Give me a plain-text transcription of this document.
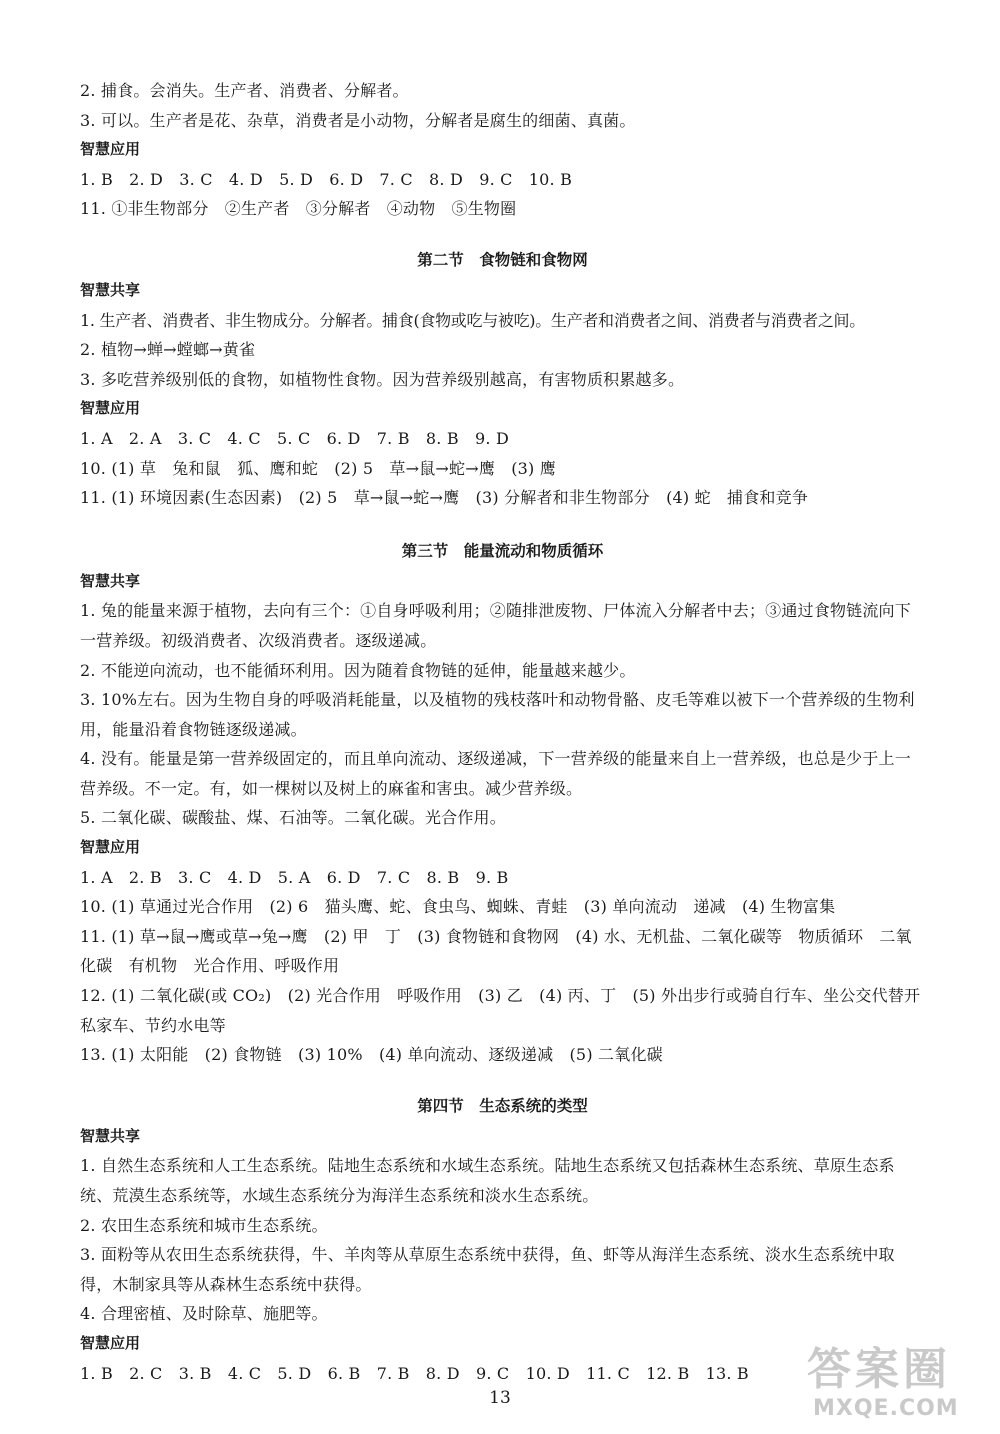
2. 捕食。会消失。生产者、消费者、分解者。
3. 可以。生产者是花、杂草，消费者是小动物，分解者是腐生的细菌、真菌。
智慧应用
1. B　2. D　3. C　4. D　5. D　6. D　7. C　8. D　9. C　10. B
11. ①非生物部分　②生产者　③分解者　④动物　⑤生物圈
第二节　食物链和食物网
智慧共享
1. 生产者、消费者、非生物成分。分解者。捕食(食物或吃与被吃)。生产者和消费者之间、消费者与消费者之间。
2. 植物→蝉→螳螂→黄雀
3. 多吃营养级别低的食物，如植物性食物。因为营养级别越高，有害物质积累越多。
智慧应用
1. A　2. A　3. C　4. C　5. C　6. D　7. B　8. B　9. D
10. (1) 草　兔和鼠　狐、鹰和蛇　(2) 5　草→鼠→蛇→鹰　(3) 鹰
11. (1) 环境因素(生态因素)　(2) 5　草→鼠→蛇→鹰　(3) 分解者和非生物部分　(4) 蛇　捕食和竞争
第三节　能量流动和物质循环
智慧共享
1. 兔的能量来源于植物，去向有三个：①自身呼吸利用；②随排泄废物、尸体流入分解者中去；③通过食物链流向下一营养级。初级消费者、次级消费者。逐级递减。
2. 不能逆向流动，也不能循环利用。因为随着食物链的延伸，能量越来越少。
3. 10%左右。因为生物自身的呼吸消耗能量，以及植物的残枝落叶和动物骨骼、皮毛等难以被下一个营养级的生物利用，能量沿着食物链逐级递减。
4. 没有。能量是第一营养级固定的，而且单向流动、逐级递减，下一营养级的能量来自上一营养级，也总是少于上一营养级。不一定。有，如一棵树以及树上的麻雀和害虫。减少营养级。
5. 二氧化碳、碳酸盐、煤、石油等。二氧化碳。光合作用。
智慧应用
1. A　2. B　3. C　4. D　5. A　6. D　7. C　8. B　9. B
10. (1) 草通过光合作用　(2) 6　猫头鹰、蛇、食虫鸟、蜘蛛、青蛙　(3) 单向流动　递减　(4) 生物富集
11. (1) 草→鼠→鹰或草→兔→鹰　(2) 甲　丁　(3) 食物链和食物网　(4) 水、无机盐、二氧化碳等　物质循环　二氧化碳　有机物　光合作用、呼吸作用
12. (1) 二氧化碳(或 CO₂)　(2) 光合作用　呼吸作用　(3) 乙　(4) 丙、丁　(5) 外出步行或骑自行车、坐公交代替开私家车、节约水电等
13. (1) 太阳能　(2) 食物链　(3) 10%　(4) 单向流动、逐级递减　(5) 二氧化碳
第四节　生态系统的类型
智慧共享
1. 自然生态系统和人工生态系统。陆地生态系统和水域生态系统。陆地生态系统又包括森林生态系统、草原生态系统、荒漠生态系统等，水域生态系统分为海洋生态系统和淡水生态系统。
2. 农田生态系统和城市生态系统。
3. 面粉等从农田生态系统获得，牛、羊肉等从草原生态系统中获得，鱼、虾等从海洋生态系统、淡水生态系统中取得，木制家具等从森林生态系统中获得。
4. 合理密植、及时除草、施肥等。
智慧应用
1. B　2. C　3. B　4. C　5. D　6. B　7. B　8. D　9. C　10. D　11. C　12. B　13. B
13
答案圈
MXQE.COM
